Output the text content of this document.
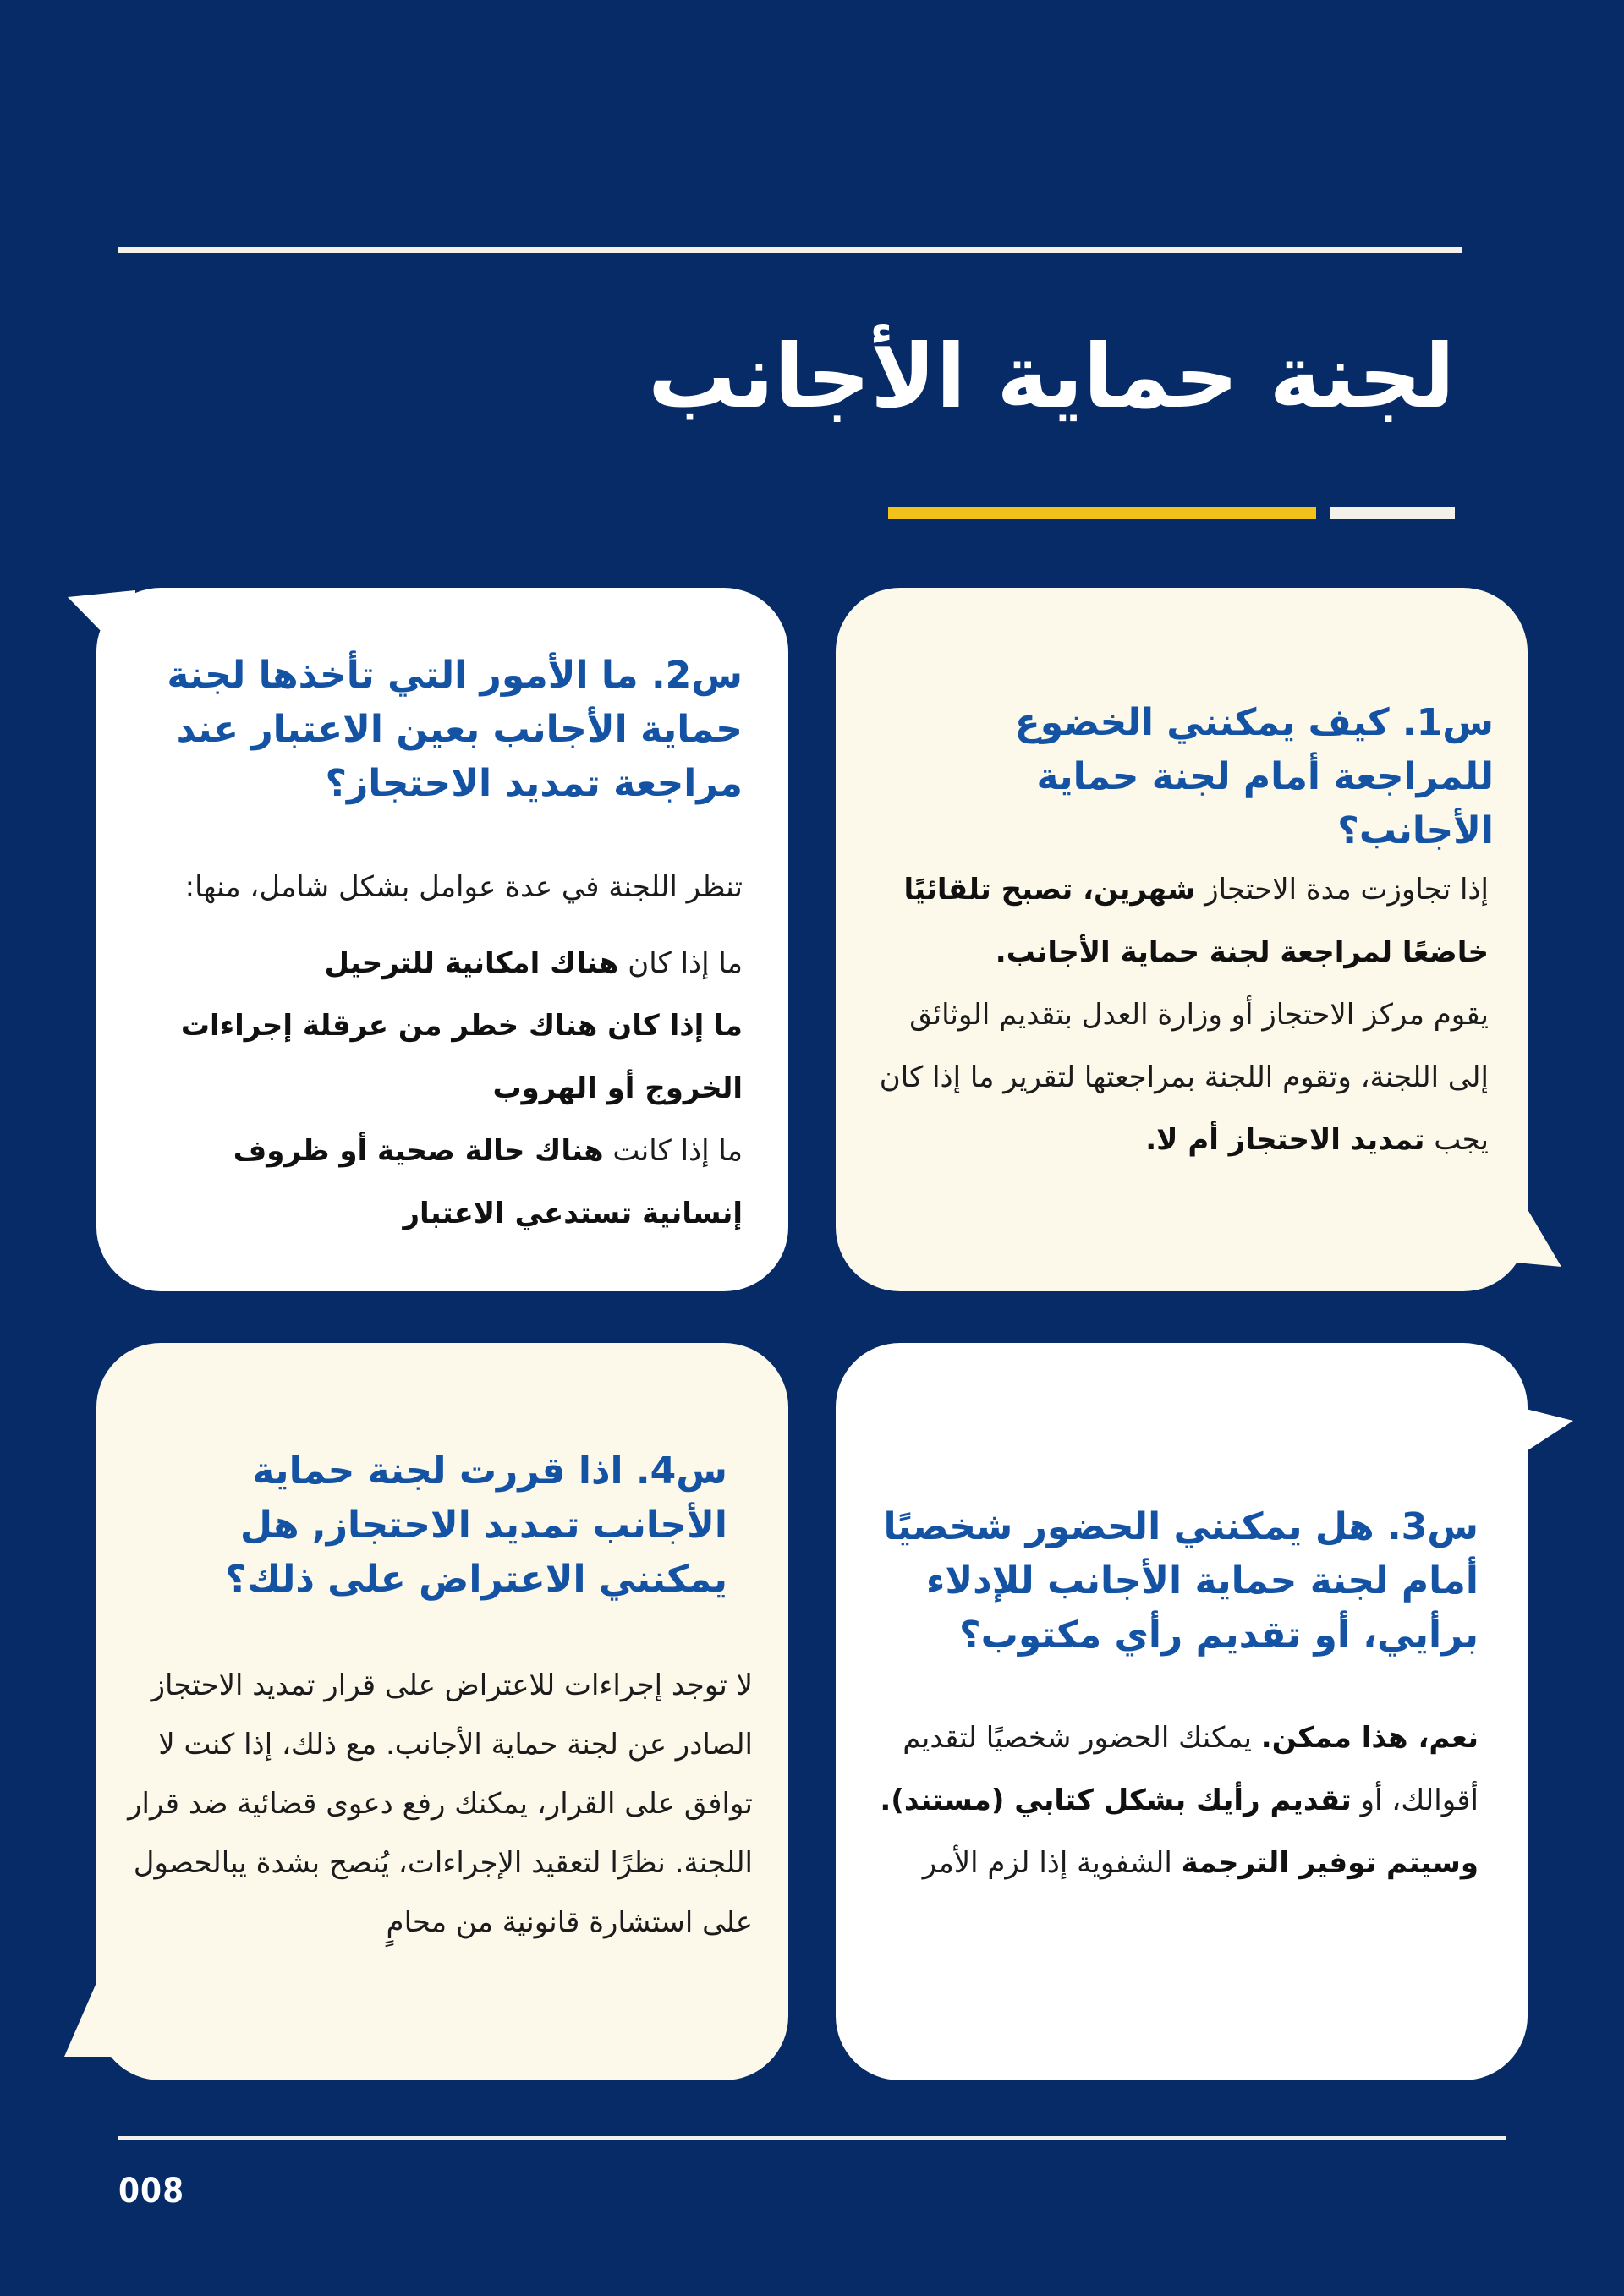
لجنة حماية الأجانب
س2. ما الأمور التي تأخذها لجنة حماية الأجانب بعين الاعتبار عند مراجعة تمديد الاحتجاز؟

تنظر اللجنة في عدة عوامل بشكل شامل، منها:

ما إذا كان هناك امكانية للترحيل

ما إذا كان هناك خطر من عرقلة إجراءات الخروج أو الهروب

ما إذا كانت هناك حالة صحية أو ظروف إنسانية تستدعي الاعتبار

س1. كيف يمكنني الخضوع للمراجعة أمام لجنة حماية الأجانب؟

إذا تجاوزت مدة الاحتجاز شهرين، تصبح تلقائيًا خاضعًا لمراجعة لجنة حماية الأجانب.

يقوم مركز الاحتجاز أو وزارة العدل بتقديم الوثائق إلى اللجنة، وتقوم اللجنة بمراجعتها لتقرير ما إذا كان يجب تمديد الاحتجاز أم لا.

س4. اذا قررت لجنة حماية الأجانب تمديد الاحتجاز, هل يمكنني الاعتراض على ذلك؟

لا توجد إجراءات للاعتراض على قرار تمديد الاحتجاز الصادر عن لجنة حماية الأجانب. مع ذلك، إذا كنت لا توافق على القرار، يمكنك رفع دعوى قضائية ضد قرار اللجنة. نظرًا لتعقيد الإجراءات، يُنصح بشدة يبالحصول على استشارة قانونية من محامٍ

س3. هل يمكنني الحضور شخصيًا أمام لجنة حماية الأجانب للإدلاء برأيي، أو تقديم رأي مكتوب؟

نعم، هذا ممكن. يمكنك الحضور شخصيًا لتقديم أقوالك، أو تقديم رأيك بشكل كتابي (مستند). وسيتم توفير الترجمة الشفوية إذا لزم الأمر

008
